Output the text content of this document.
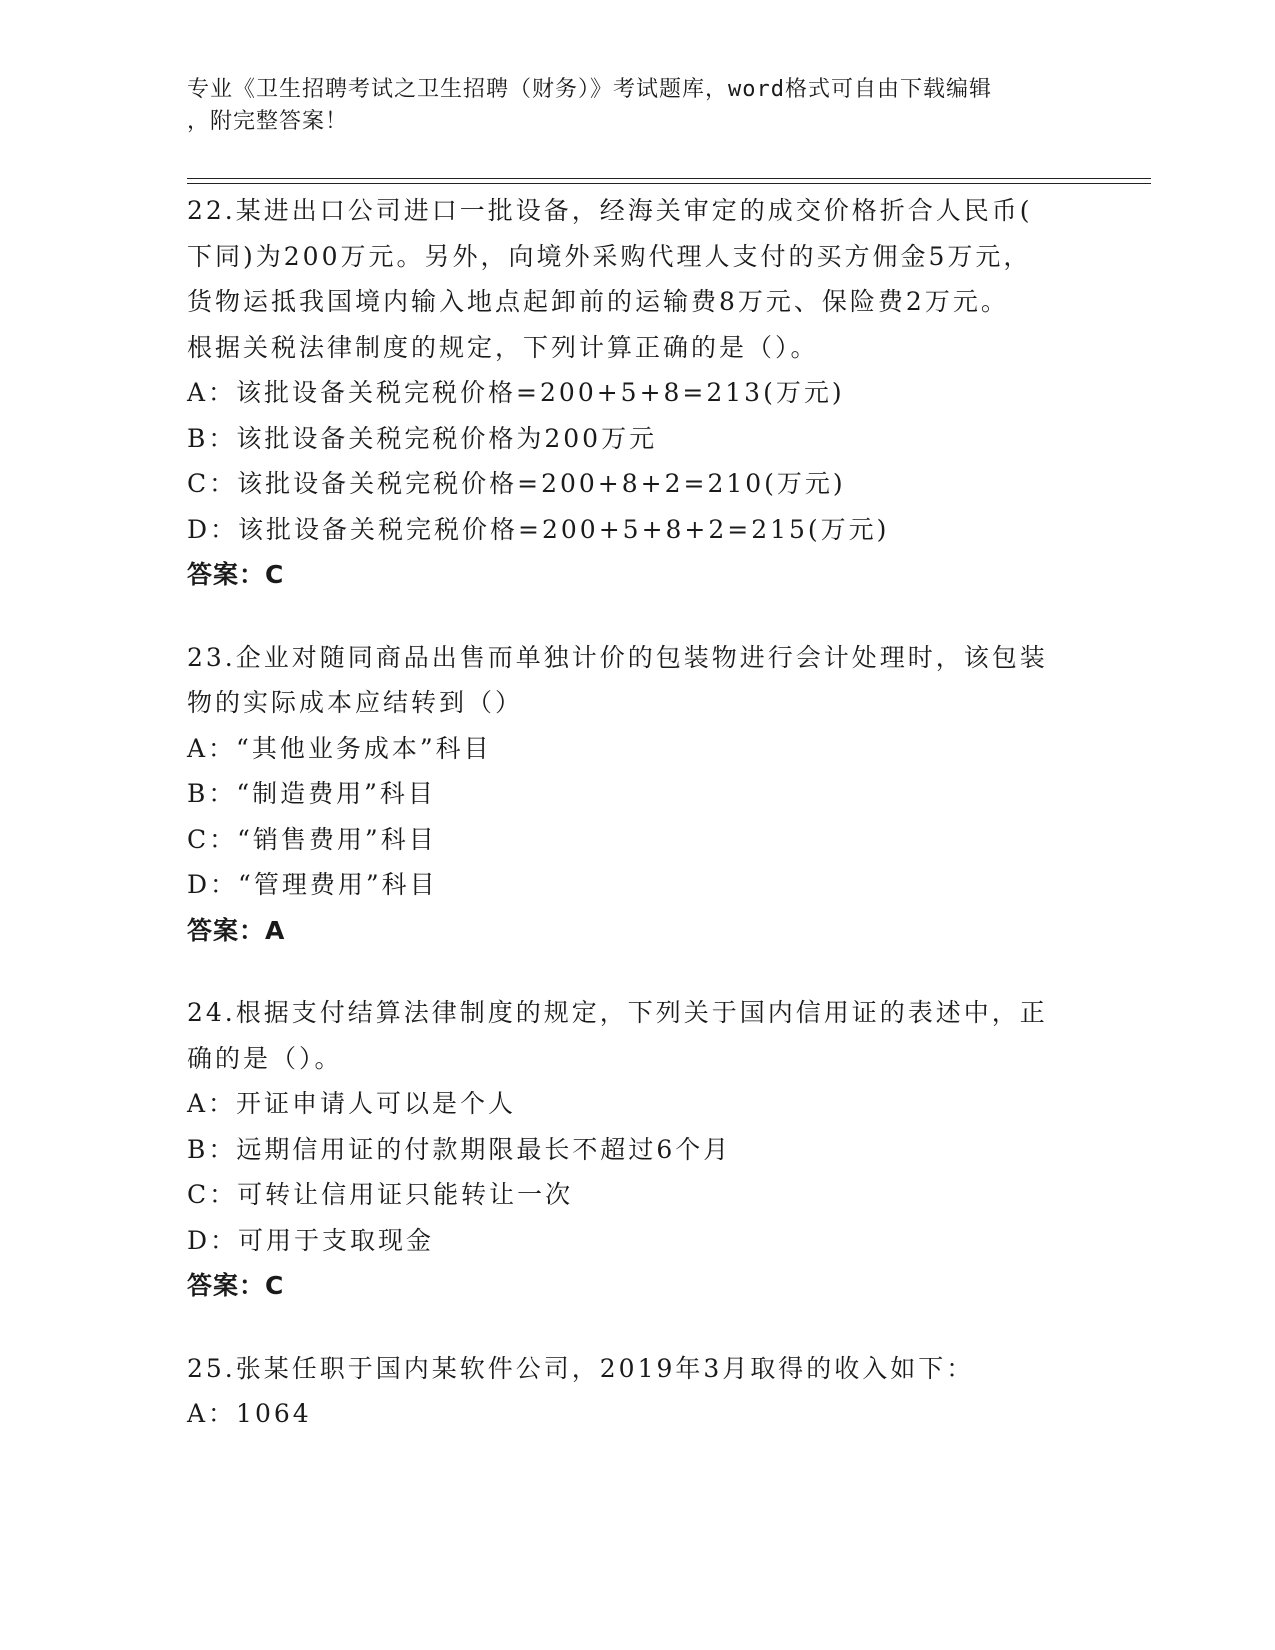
专业《卫生招聘考试之卫生招聘（财务）》考试题库，word格式可自由下载编辑
，附完整答案！
22.某进出口公司进口一批设备，经海关审定的成交价格折合人民币(
下同)为200万元。另外，向境外采购代理人支付的买方佣金5万元，
货物运抵我国境内输入地点起卸前的运输费8万元、保险费2万元。
根据关税法律制度的规定，下列计算正确的是（）。
A：该批设备关税完税价格=200+5+8=213(万元)
B：该批设备关税完税价格为200万元
C：该批设备关税完税价格=200+8+2=210(万元)
D：该批设备关税完税价格=200+5+8+2=215(万元)
答案：C
23.企业对随同商品出售而单独计价的包装物进行会计处理时，该包装
物的实际成本应结转到（）
A：“其他业务成本”科目
B：“制造费用”科目
C：“销售费用”科目
D：“管理费用”科目
答案：A
24.根据支付结算法律制度的规定，下列关于国内信用证的表述中，正
确的是（）。
A：开证申请人可以是个人
B：远期信用证的付款期限最长不超过6个月
C：可转让信用证只能转让一次
D：可用于支取现金
答案：C
25.张某任职于国内某软件公司，2019年3月取得的收入如下：
A：1064
